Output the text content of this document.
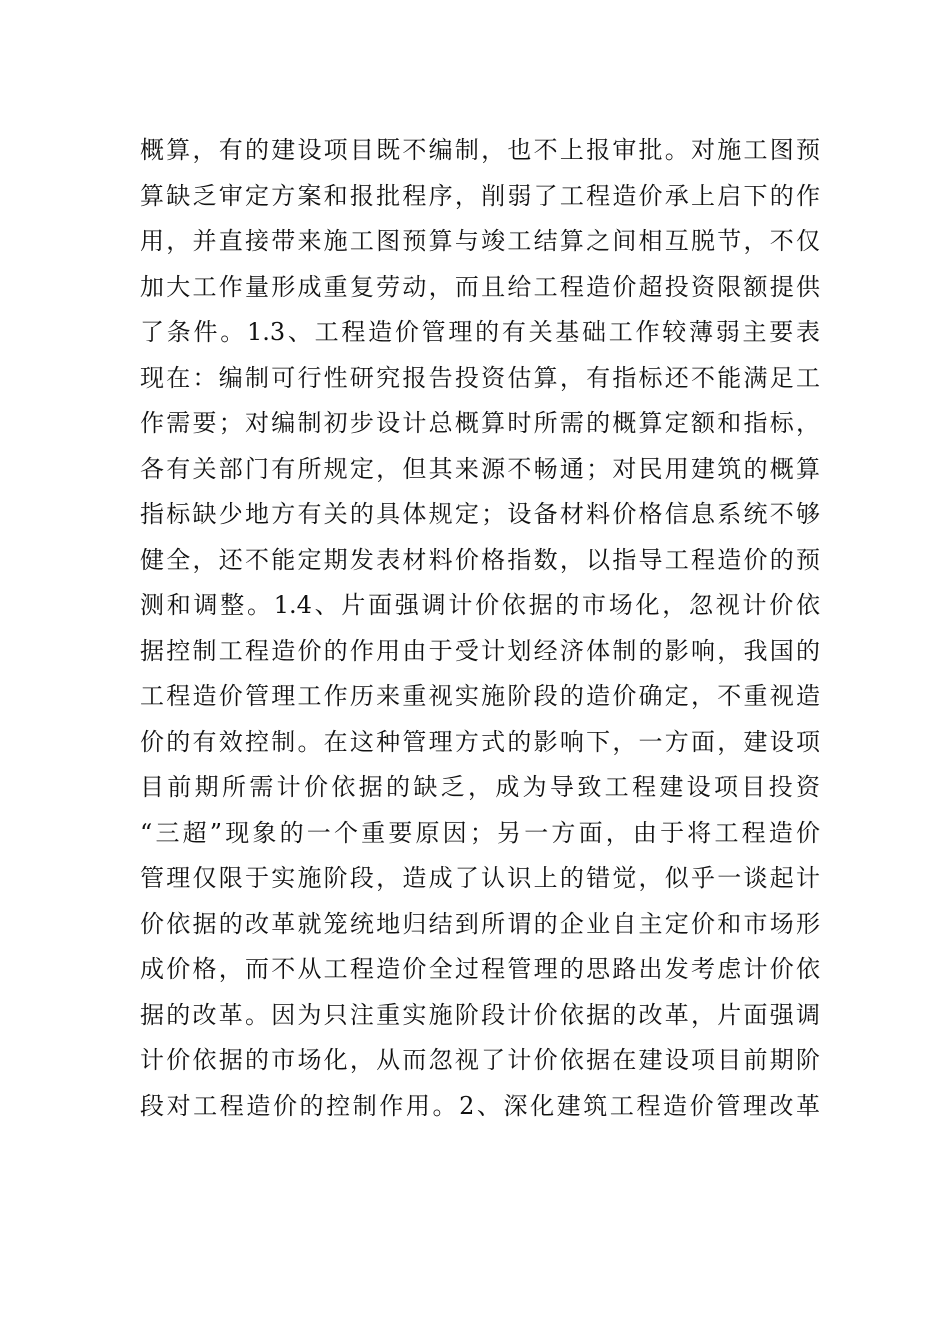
概算，有的建设项目既不编制，也不上报审批。对施工图预
算缺乏审定方案和报批程序，削弱了工程造价承上启下的作
用，并直接带来施工图预算与竣工结算之间相互脱节，不仅
加大工作量形成重复劳动，而且给工程造价超投资限额提供
了条件。1.3、工程造价管理的有关基础工作较薄弱主要表
现在：编制可行性研究报告投资估算，有指标还不能满足工
作需要；对编制初步设计总概算时所需的概算定额和指标，
各有关部门有所规定，但其来源不畅通；对民用建筑的概算
指标缺少地方有关的具体规定；设备材料价格信息系统不够
健全，还不能定期发表材料价格指数，以指导工程造价的预
测和调整。1.4、片面强调计价依据的市场化，忽视计价依
据控制工程造价的作用由于受计划经济体制的影响，我国的
工程造价管理工作历来重视实施阶段的造价确定，不重视造
价的有效控制。在这种管理方式的影响下，一方面，建设项
目前期所需计价依据的缺乏，成为导致工程建设项目投资
“三超”现象的一个重要原因；另一方面，由于将工程造价
管理仅限于实施阶段，造成了认识上的错觉，似乎一谈起计
价依据的改革就笼统地归结到所谓的企业自主定价和市场形
成价格，而不从工程造价全过程管理的思路出发考虑计价依
据的改革。因为只注重实施阶段计价依据的改革，片面强调
计价依据的市场化，从而忽视了计价依据在建设项目前期阶
段对工程造价的控制作用。2、深化建筑工程造价管理改革
